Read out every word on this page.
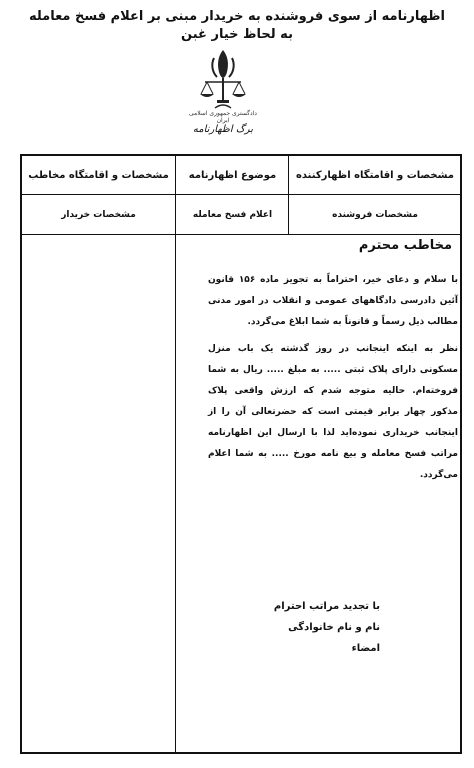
اظهارنامه از سوی فروشنده به خریدار مبنی بر اعلام فسخ معامله
به لحاظ خیار غبن
دادگستری جمهوری اسلامی ایران
برگ اظهارنامه
مشخصات و اقامتگاه اظهارکننده
موضوع اظهارنامه
مشخصات و اقامتگاه مخاطب
مشخصات فروشنده
اعلام فسخ معامله
مشخصات خریدار
مخاطب محترم

با سلام و دعای خیر، احتراماً به تجویز ماده ۱۵۶ قانون آئین دادرسی دادگاههای عمومی و انقلاب در امور مدنی مطالب ذیل رسماً و قانوناً به شما ابلاغ می‌گردد.

نظر به اینکه اینجانب در روز گذشته یک باب منزل مسکونی دارای پلاک ثبتی ..... به مبلغ ..... ریال به شما فروخته‌ام. حالیه متوجه شدم که ارزش واقعی پلاک مذکور چهار برابر قیمتی است که حضرتعالی آن را از اینجانب خریداری نموده‌اید لذا با ارسال این اظهارنامه مراتب فسخ معامله و بیع نامه مورخ ..... به شما اعلام می‌گردد.

با تجدید مراتب احترام
نام و نام خانوادگی
امضاء
